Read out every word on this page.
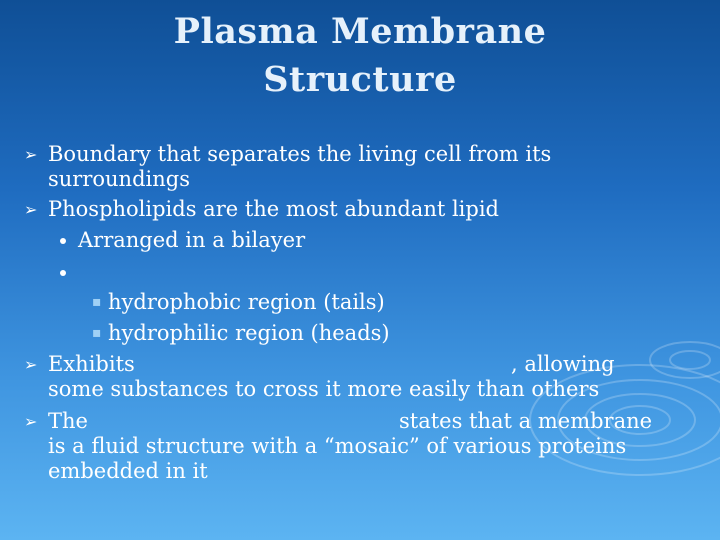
Plasma Membrane
Structure
➢ Boundary that separates the living cell from its
surroundings
➢ Phospholipids are the most abundant lipid
Arranged in a bilayer
▪ hydrophobic region (tails)
▪ hydrophilic region (heads)
➢ Exhibits	, allowing
some substances to cross it more easily than others
➢ The	states that a membrane
is a fluid structure with a “mosaic” of various proteins
embedded in it
